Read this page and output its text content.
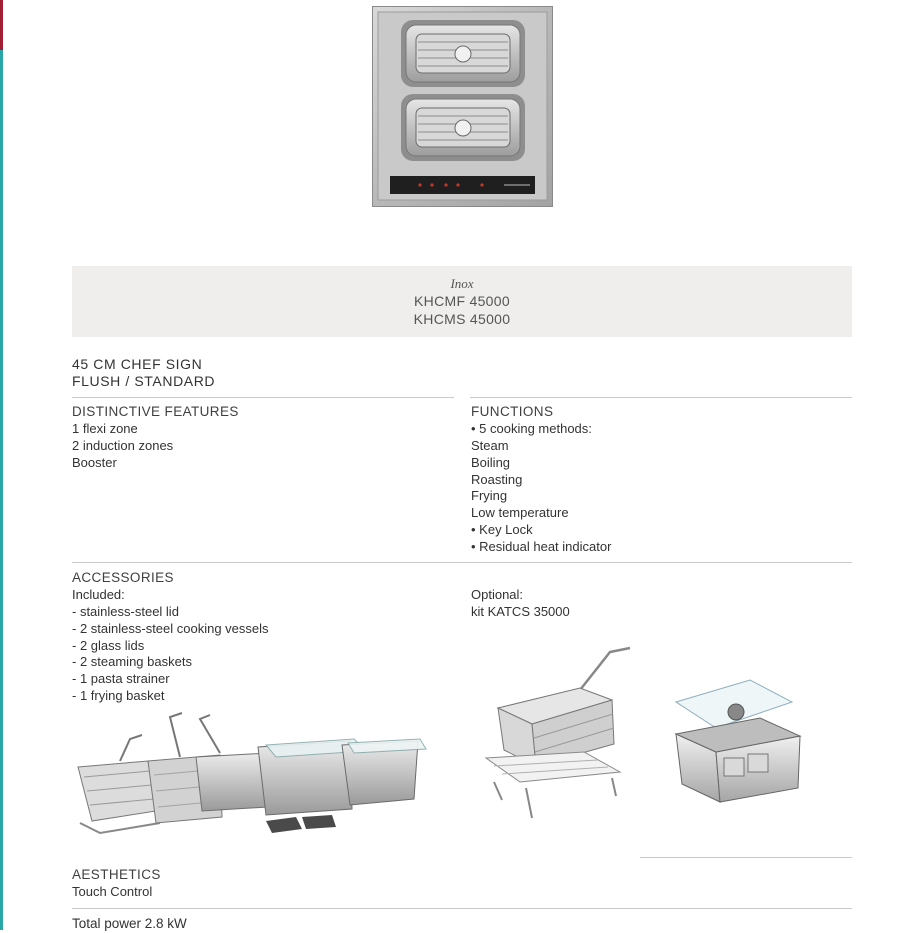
Inox
KHCMF 45000
KHCMS 45000
45 CM CHEF SIGN
FLUSH / STANDARD
DISTINCTIVE FEATURES
1 flexi zone
2 induction zones
Booster
FUNCTIONS
• 5 cooking methods:
Steam
Boiling
Roasting
Frying
Low temperature
• Key Lock
• Residual heat indicator
ACCESSORIES
Included:
- stainless-steel lid
- 2 stainless-steel cooking vessels
- 2 glass lids
- 2 steaming baskets
- 1 pasta strainer
- 1 frying basket
Optional:
kit KATCS 35000
AESTHETICS
Touch Control
Total power 2.8 kW
